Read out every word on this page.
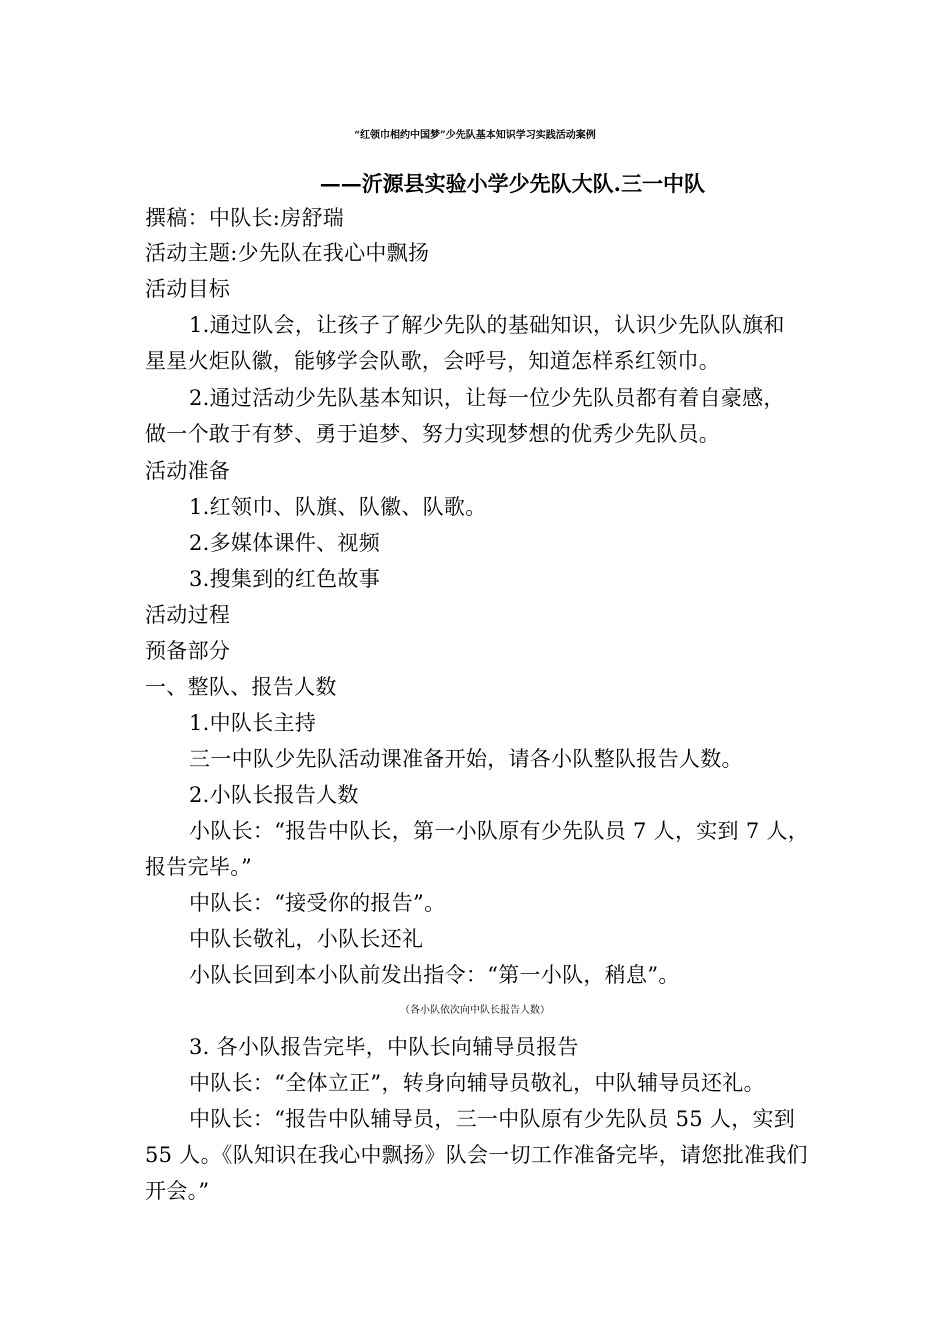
“红领巾相约中国梦”少先队基本知识学习实践活动案例
——沂源县实验小学少先队大队.三一中队
撰稿：中队长:房舒瑞
活动主题:少先队在我心中飘扬
活动目标
1.通过队会，让孩子了解少先队的基础知识，认识少先队队旗和
星星火炬队徽，能够学会队歌，会呼号，知道怎样系红领巾。
2.通过活动少先队基本知识，让每一位少先队员都有着自豪感，
做一个敢于有梦、勇于追梦、努力实现梦想的优秀少先队员。
活动准备
1.红领巾、队旗、队徽、队歌。
2.多媒体课件、视频
3.搜集到的红色故事
活动过程
预备部分
一、整队、报告人数
1.中队长主持
三一中队少先队活动课准备开始，请各小队整队报告人数。
2.小队长报告人数
小队长：“报告中队长，第一小队原有少先队员 7 人，实到 7 人，
报告完毕。”
中队长：“接受你的报告”。
中队长敬礼，小队长还礼
小队长回到本小队前发出指令：“第一小队，稍息”。
（各小队依次向中队长报告人数）
3. 各小队报告完毕，中队长向辅导员报告
中队长：“全体立正”，转身向辅导员敬礼，中队辅导员还礼。
中队长：“报告中队辅导员，三一中队原有少先队员 55 人，实到
55 人。《队知识在我心中飘扬》队会一切工作准备完毕，请您批准我们
开会。”
